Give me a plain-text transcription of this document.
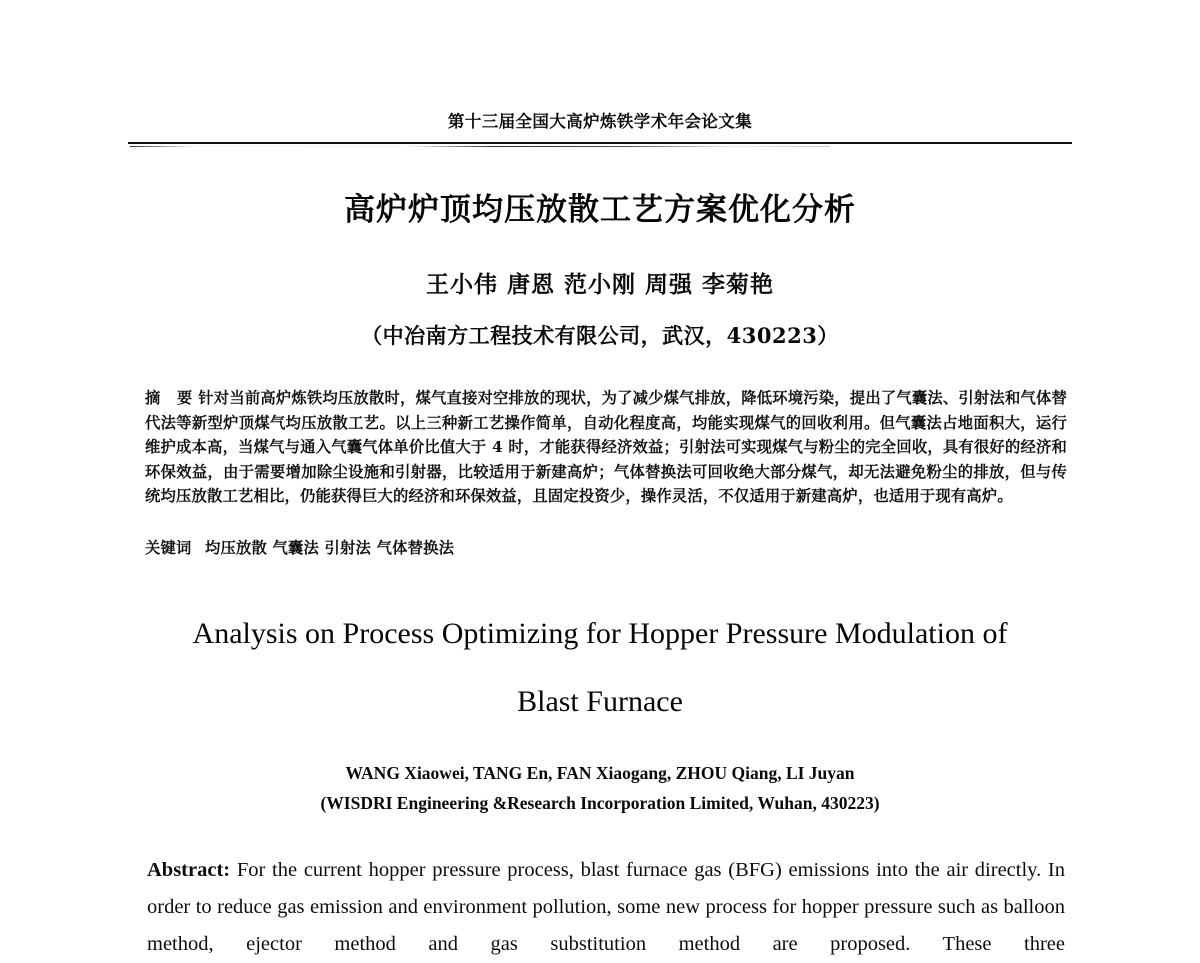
第十三届全国大高炉炼铁学术年会论文集
高炉炉顶均压放散工艺方案优化分析
王小伟 唐恩 范小刚 周强 李菊艳
（中冶南方工程技术有限公司，武汉，430223）
摘　要 针对当前高炉炼铁均压放散时，煤气直接对空排放的现状，为了减少煤气排放，降低环境污染，提出了气囊法、引射法和气体替代法等新型炉顶煤气均压放散工艺。以上三种新工艺操作简单，自动化程度高，均能实现煤气的回收利用。但气囊法占地面积大，运行维护成本高，当煤气与通入气囊气体单价比值大于 4 时，才能获得经济效益；引射法可实现煤气与粉尘的完全回收，具有很好的经济和环保效益，由于需要增加除尘设施和引射器，比较适用于新建高炉；气体替换法可回收绝大部分煤气，却无法避免粉尘的排放，但与传统均压放散工艺相比，仍能获得巨大的经济和环保效益，且固定投资少，操作灵活，不仅适用于新建高炉，也适用于现有高炉。
关键词 均压放散 气囊法 引射法 气体替换法
Analysis on Process Optimizing for Hopper Pressure Modulation of
Blast Furnace
WANG Xiaowei, TANG En, FAN Xiaogang, ZHOU Qiang, LI Juyan
(WISDRI Engineering &Research Incorporation Limited, Wuhan, 430223)
Abstract: For the current hopper pressure process, blast furnace gas (BFG) emissions into the air directly. In order to reduce gas emission and environment pollution, some new process for hopper pressure such as balloon method, ejector method and gas substitution method are proposed. These three
